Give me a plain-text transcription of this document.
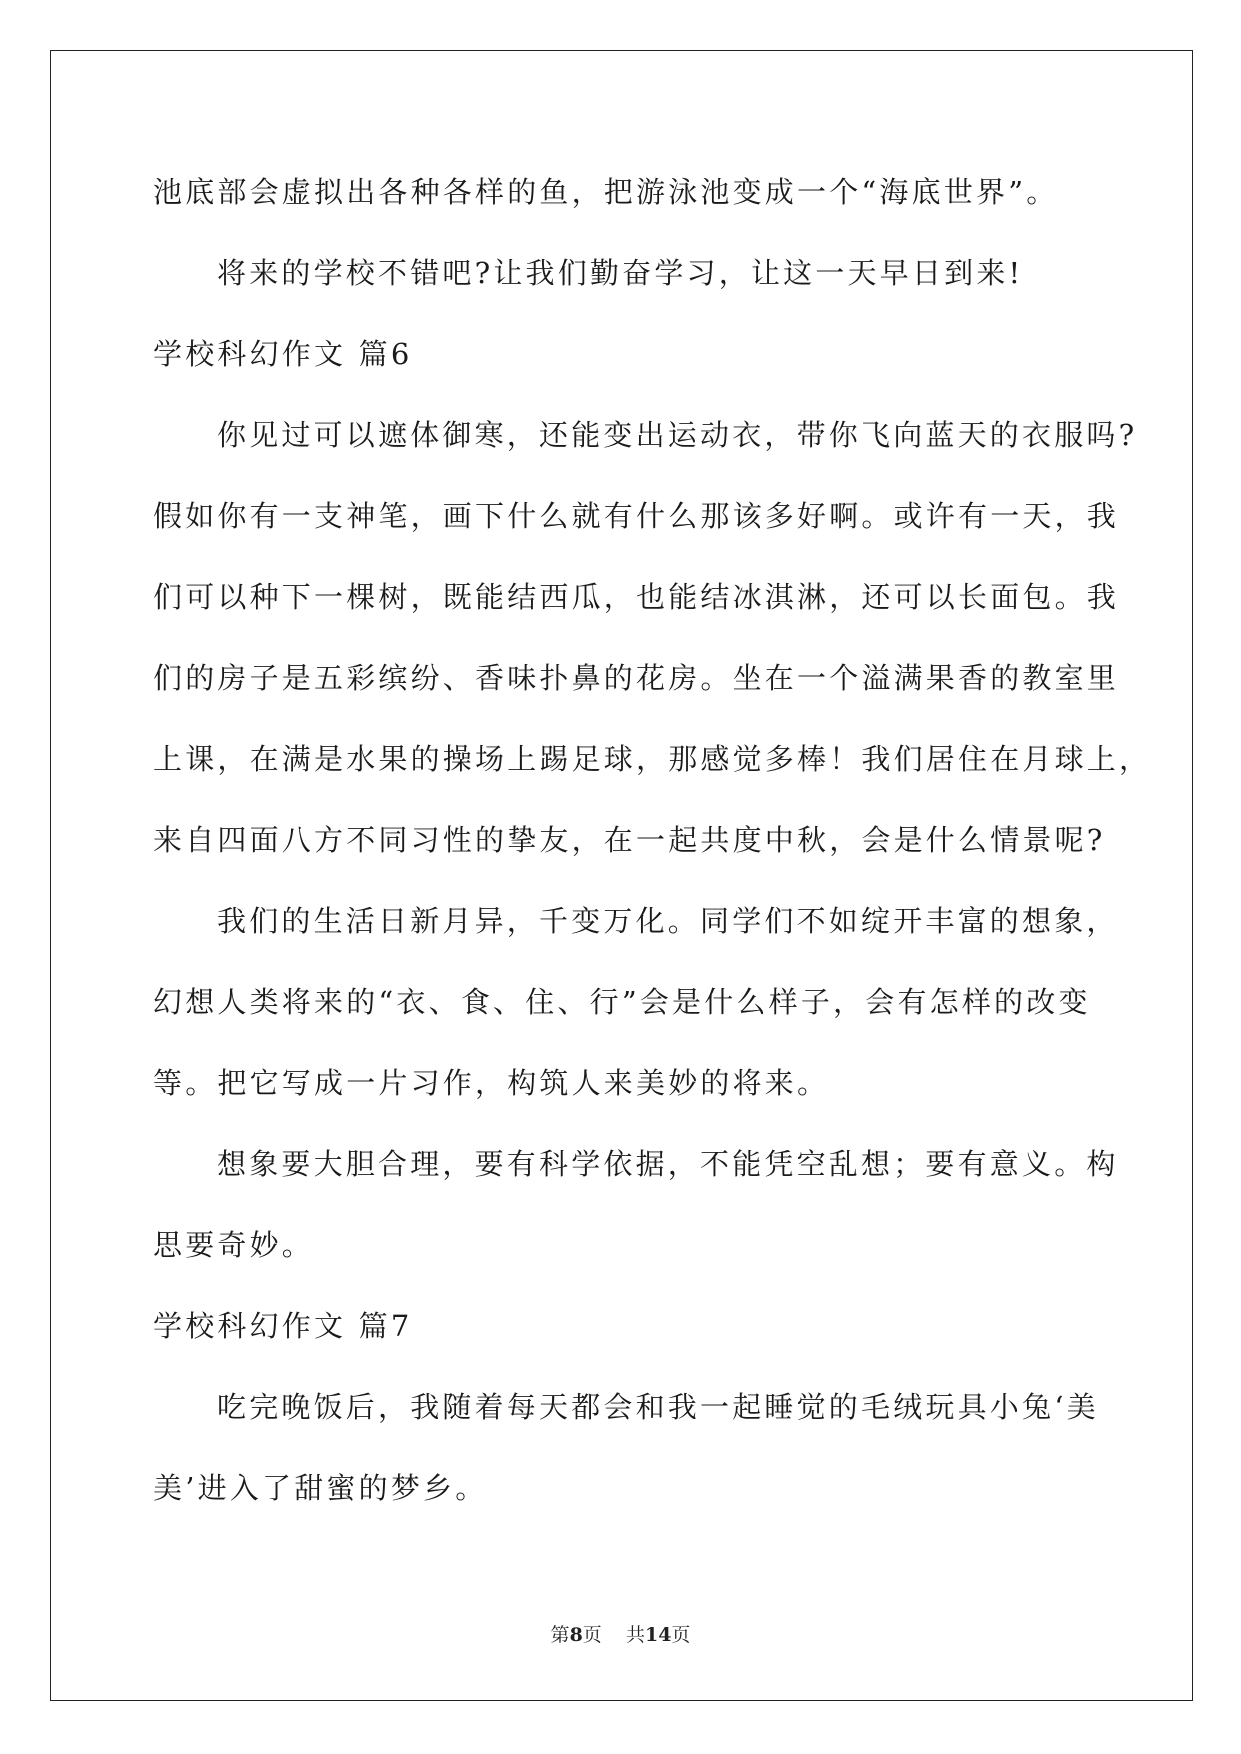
池底部会虚拟出各种各样的鱼，把游泳池变成一个“海底世界”。
将来的学校不错吧?让我们勤奋学习，让这一天早日到来!
学校科幻作文 篇6
你见过可以遮体御寒，还能变出运动衣，带你飞向蓝天的衣服吗?
假如你有一支神笔，画下什么就有什么那该多好啊。或许有一天，我
们可以种下一棵树，既能结西瓜，也能结冰淇淋，还可以长面包。我
们的房子是五彩缤纷、香味扑鼻的花房。坐在一个溢满果香的教室里
上课，在满是水果的操场上踢足球，那感觉多棒！我们居住在月球上，
来自四面八方不同习性的挚友，在一起共度中秋，会是什么情景呢?
我们的生活日新月异，千变万化。同学们不如绽开丰富的想象，
幻想人类将来的“衣、食、住、行”会是什么样子，会有怎样的改变
等。把它写成一片习作，构筑人来美妙的将来。
想象要大胆合理，要有科学依据，不能凭空乱想；要有意义。构
思要奇妙。
学校科幻作文 篇7
吃完晚饭后，我随着每天都会和我一起睡觉的毛绒玩具小兔‘美
美’进入了甜蜜的梦乡。
第8页    共14页
